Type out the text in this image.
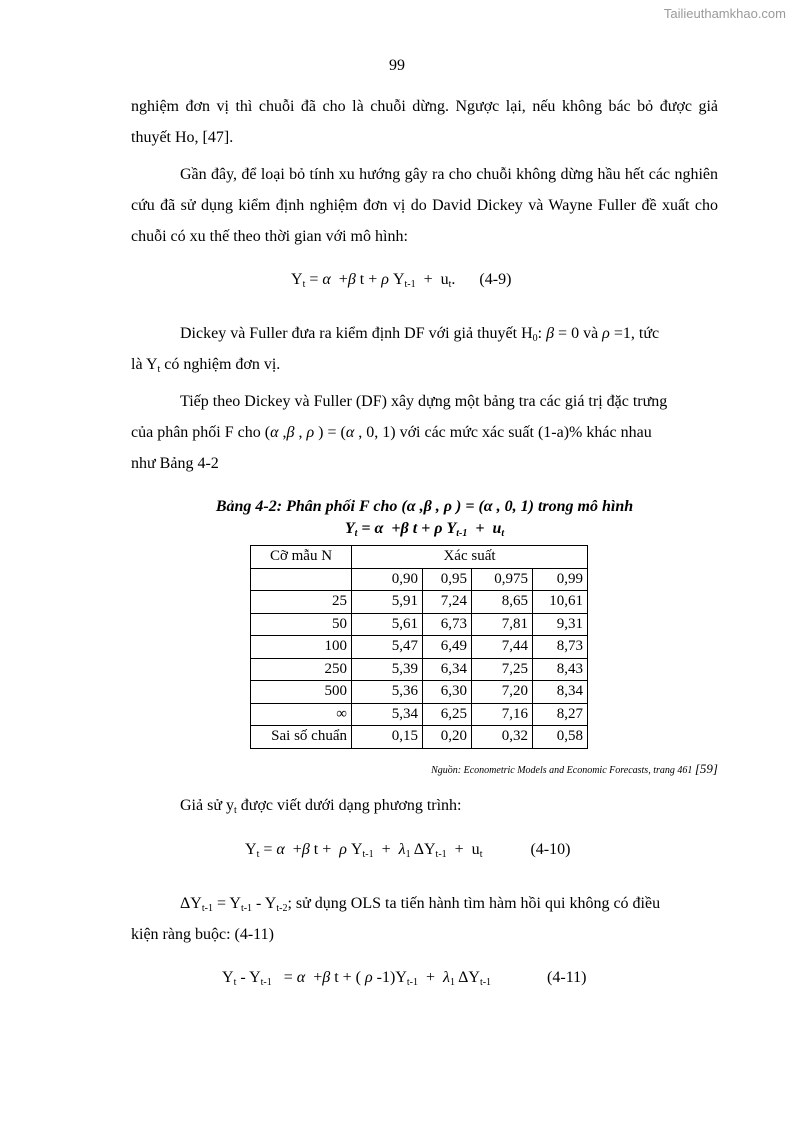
Tailieuthamkhao.com
99
nghiệm đơn vị thì chuỗi đã cho là chuỗi dừng. Ngược lại, nếu không bác bỏ được giả thuyết Ho, [47].
Gần đây, để loại bỏ tính xu hướng gây ra cho chuỗi không dừng hầu hết các nghiên cứu đã sử dụng kiểm định nghiệm đơn vị do David Dickey và Wayne Fuller đề xuất cho chuỗi có xu thế theo thời gian với mô hình:
$Y_t = \alpha +\beta$ t + ρ $Y_{t-1} + u_t$.      (4-9)
Dickey và Fuller đưa ra kiểm định DF với giả thuyết $H_0$: β = 0 và ρ =1, tức
là $Y_t$ có nghiệm đơn vị.
Tiếp theo Dickey và Fuller (DF) xây dựng một bảng tra các giá trị đặc trưng
của phân phối F cho (α ,β , ρ ) = (α , 0, 1) với các mức xác suất (1-a)% khác nhau
như Bảng 4-2
Bảng 4-2: Phân phối F cho (α ,β , ρ ) = (α , 0, 1) trong mô hình
$Y_t = \alpha +\beta$ t + ρ $Y_{t-1} + u_t$
Cỡ mẫu N	Xác suất			
	0,90	0,95	0,975	0,99
25	5,91	7,24	8,65	10,61
50	5,61	6,73	7,81	9,31
100	5,47	6,49	7,44	8,73
250	5,39	6,34	7,25	8,43
500	5,36	6,30	7,20	8,34
∞	5,34	6,25	7,16	8,27
Sai số chuẩn	0,15	0,20	0,32	0,58
Nguồn: Econometric Models and Economic Forecasts, trang 461 [59]
Giả sử $y_t$ được viết dưới dạng phương trình:
$Y_t = \alpha +\beta$ t +  ρ $Y_{t-1} + \lambda_1$ $\Delta Y_{t-1} + u_t$	(4-10)
$\Delta Y_{t-1} = Y_{t-1} - Y_{t-2}$; sử dụng OLS ta tiến hành tìm hàm hồi qui không có điều
kiện ràng buộc: (4-11)
$Y_t - Y_{t-1} = \alpha +\beta$ t + ( ρ $-1)Y_{t-1} + \lambda_1$ $\Delta Y_{t-1}$	(4-11)
